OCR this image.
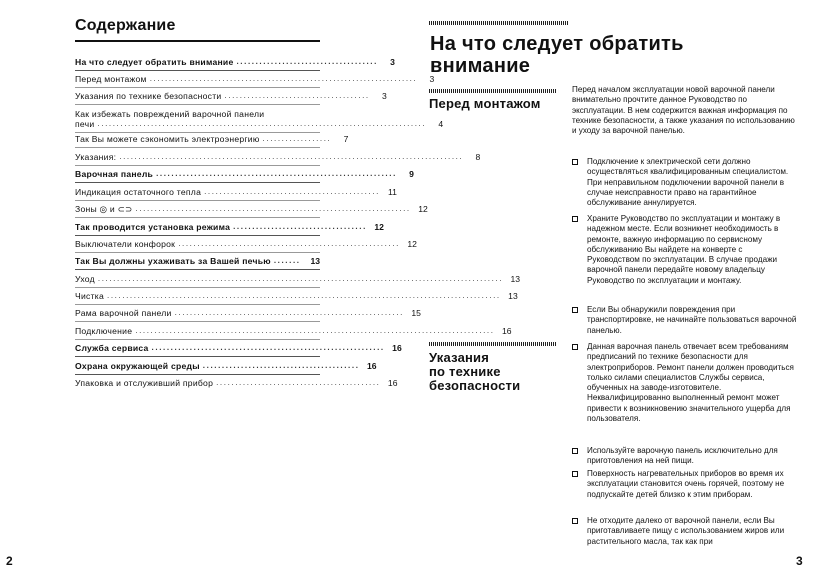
Содержание
На что следует обратить внимание .....................................	3
Перед монтажом ......................................................................	3
Указания по технике безопасности ......................................	3
Как избежать повреждений варочной панели
печи ......................................................................................	4
Так Вы можете сэкономить электроэнергию ..................	7
Указания: ..........................................................................................	8
Варочная панель ...............................................................	9
Индикация остаточного тепла .............................................. 11
Зоны ◎ и ⊂⊃ ........................................................................ 12
Так проводится установка режима ................................... 12
Выключатели конфорок .......................................................... 12
Так Вы должны ухаживать за Вашей печью .......	13
Уход .......................................................................................................... 13
Чистка ....................................................................................................... 13
Рама варочной панели ............................................................ 15
Подключение .............................................................................................. 16
Служба сервиса ............................................................. 16
Охрана окружающей среды ......................................... 16
Упаковка и отслуживший прибор ........................................... 16
2
На что следует обратить
внимание
Перед монтажом
Перед началом эксплуатации новой варочной панели внимательно прочтите данное Руководство по эксплуатации. В нем содержится важная информация по технике безопасности, а также указания по использованию и уходу за варочной панелью.
Подключение к электрической сети должно осуществляться квалифицированным специалистом. При неправильном подключении варочной панели в случае неисправности право на гарантийное обслуживание аннулируется.
Храните Руководство по эксплуатации и монтажу в надежном месте. Если возникнет необходимость в ремонте, важную информацию по сервисному обслуживанию Вы найдете на конверте с Руководством по эксплуатации. В случае продажи варочной панели передайте новому владельцу Руководство по эксплуатации и монтажу.
Если Вы обнаружили повреждения при транспортировке, не начинайте пользоваться варочной панелью.
Указания
по технике
безопасности
Данная варочная панель отвечает всем требованиям предписаний по технике безопасности для электроприборов. Ремонт панели должен проводиться только силами специалистов Службы сервиса, обученных на заводе-изготовителе. Неквалифицированно выполненный ремонт может привести к возникновению значительного ущерба для пользователя.
Используйте варочную панель исключительно для приготовления на ней пищи.
Поверхность нагревательных приборов во время их эксплуатации становится очень горячей, поэтому не подпускайте детей близко к этим приборам.
Не отходите далеко от варочной панели, если Вы приготавливаете пищу с использованием жиров или растительного масла, так как при
3
